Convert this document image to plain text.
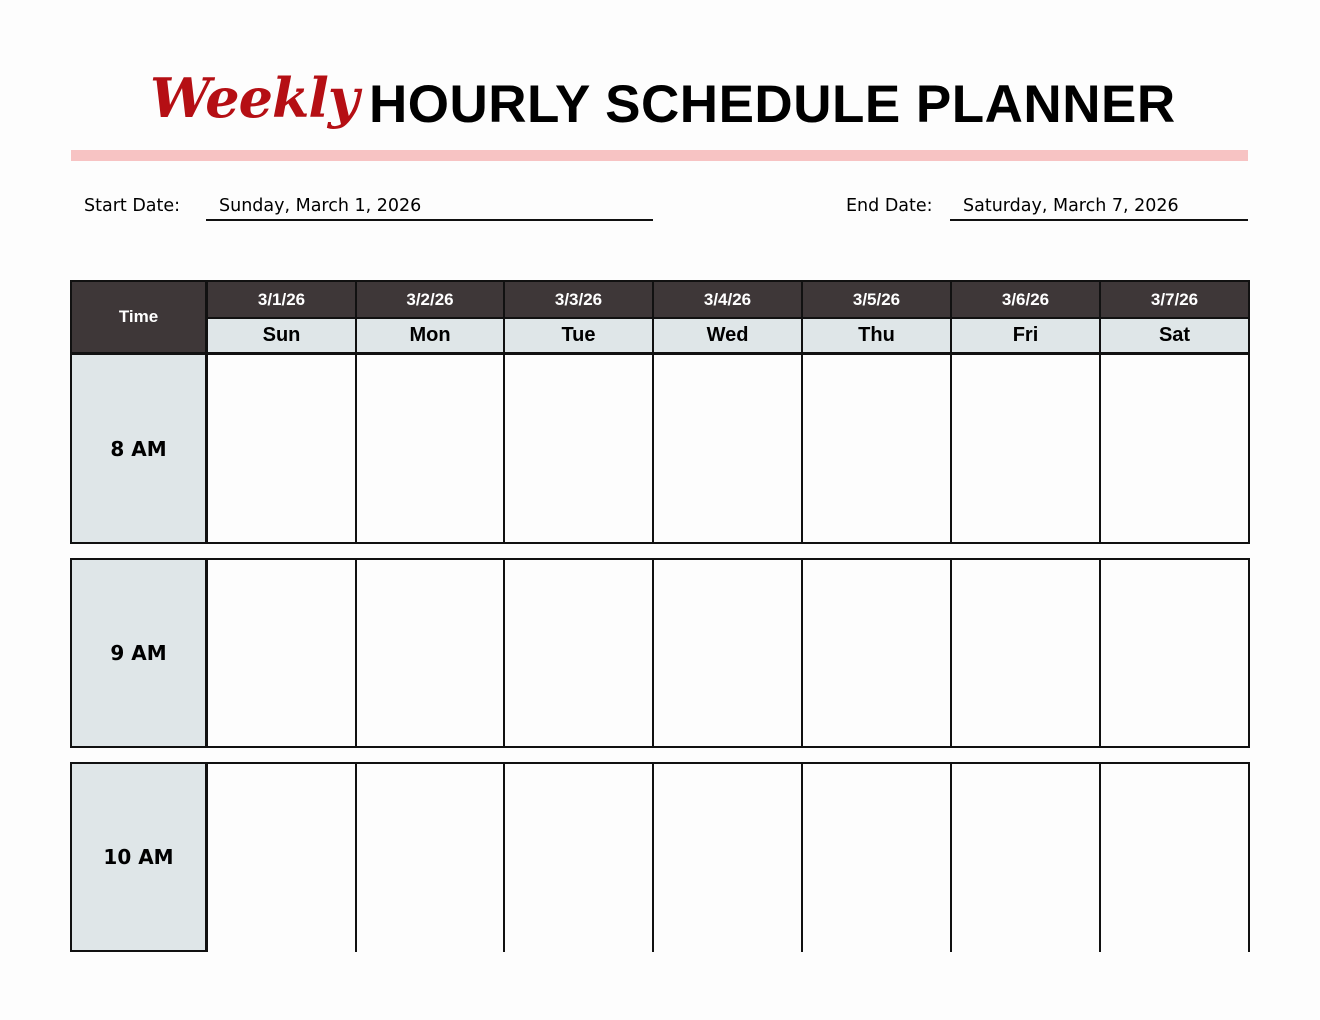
Weekly HOURLY SCHEDULE PLANNER
Start Date: Sunday, March 1, 2026	End Date: Saturday, March 7, 2026
Time
3/1/26
Sun
3/2/26
Mon
3/3/26
Tue
3/4/26
Wed
3/5/26
Thu
3/6/26
Fri
3/7/26
Sat
8 AM
9 AM
10 AM
